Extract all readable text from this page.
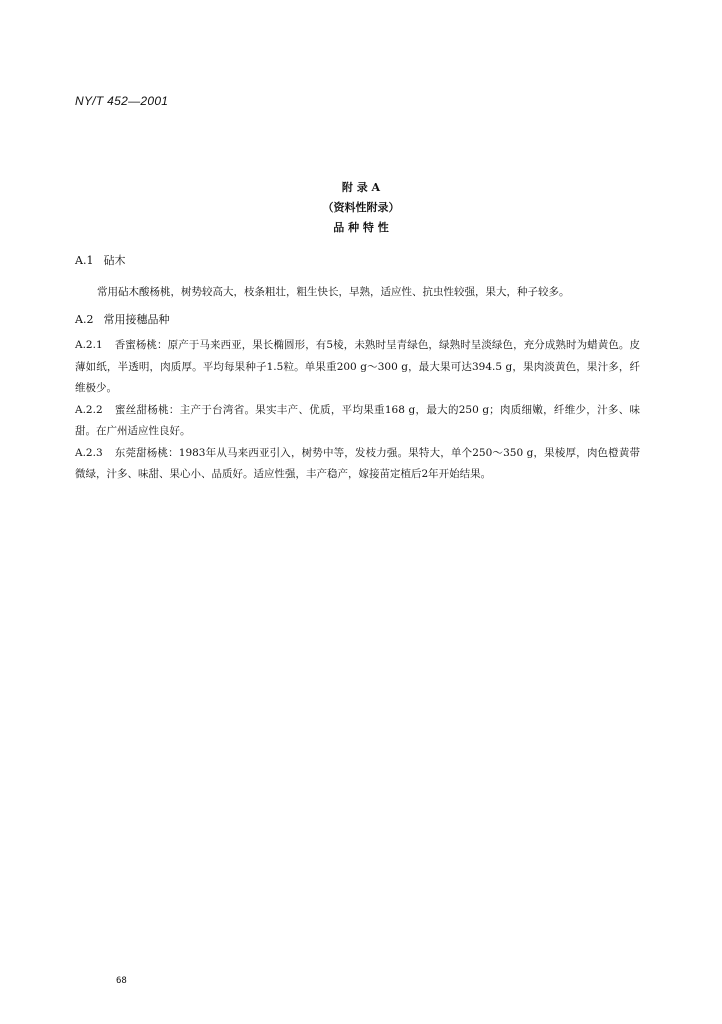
NY/T 452—2001
附 录 A
（资料性附录）
品 种 特 性
A.1 砧木
常用砧木酸杨桃，树势较高大，枝条粗壮，粗生快长，早熟，适应性、抗虫性较强，果大，种子较多。
A.2 常用接穗品种
A.2.1 香蜜杨桃：原产于马来西亚，果长椭圆形，有5棱，未熟时呈青绿色，绿熟时呈淡绿色，充分成熟时为蜡黄色。皮薄如纸，半透明，肉质厚。平均每果种子1.5粒。单果重200 g～300 g，最大果可达394.5 g，果肉淡黄色，果汁多，纤维极少。
A.2.2 蜜丝甜杨桃：主产于台湾省。果实丰产、优质，平均果重168 g，最大的250 g；肉质细嫩，纤维少，汁多、味甜。在广州适应性良好。
A.2.3 东莞甜杨桃：1983年从马来西亚引入，树势中等，发枝力强。果特大，单个250～350 g，果棱厚，肉色橙黄带微绿，汁多、味甜、果心小、品质好。适应性强，丰产稳产，嫁接苗定植后2年开始结果。
68
